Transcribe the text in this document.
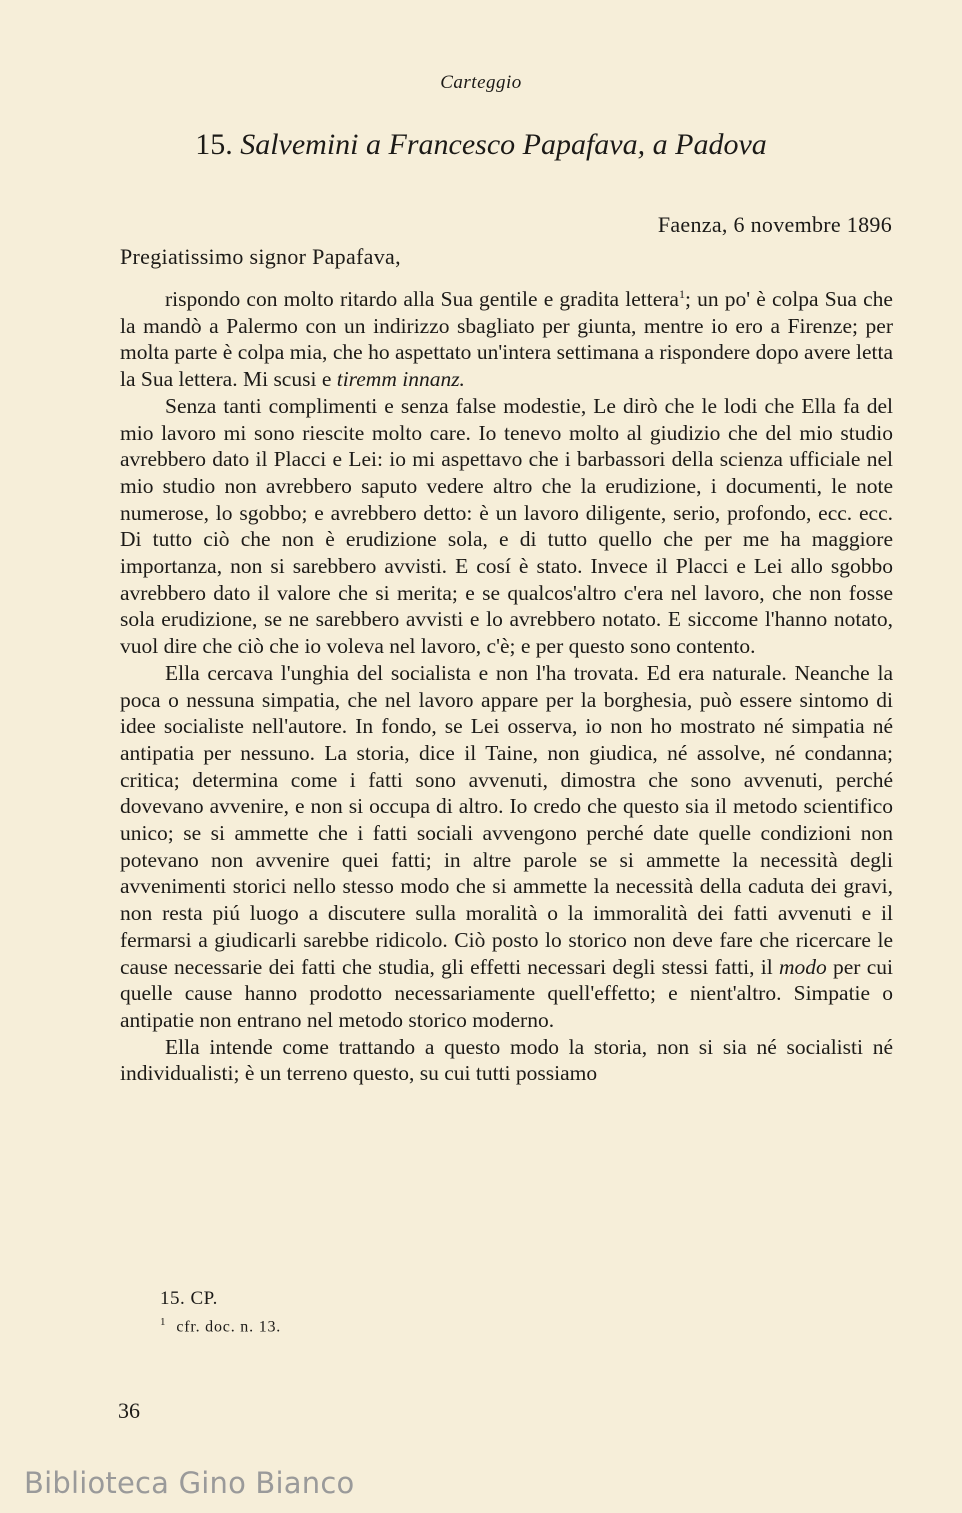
Carteggio
15. Salvemini a Francesco Papafava, a Padova
Faenza, 6 novembre 1896
Pregiatissimo signor Papafava,

rispondo con molto ritardo alla Sua gentile e gradita lettera$^1$; un po' è colpa Sua che la mandò a Palermo con un indirizzo sbagliato per giunta, mentre io ero a Firenze; per molta parte è colpa mia, che ho aspettato un'intera settimana a rispondere dopo avere letta la Sua lettera. Mi scusi e tiremm innanz.

Senza tanti complimenti e senza false modestie, Le dirò che le lodi che Ella fa del mio lavoro mi sono riescite molto care. Io tenevo molto al giudizio che del mio studio avrebbero dato il Placci e Lei: io mi aspettavo che i barbassori della scienza ufficiale nel mio studio non avrebbero saputo vedere altro che la erudizione, i documenti, le note numerose, lo sgobbo; e avrebbero detto: è un lavoro diligente, serio, profondo, ecc. ecc. Di tutto ciò che non è erudizione sola, e di tutto quello che per me ha maggiore importanza, non si sarebbero avvisti. E cosí è stato. Invece il Placci e Lei allo sgobbo avrebbero dato il valore che si merita; e se qualcos'altro c'era nel lavoro, che non fosse sola erudizione, se ne sarebbero avvisti e lo avrebbero notato. E siccome l'hanno notato, vuol dire che ciò che io voleva nel lavoro, c'è; e per questo sono contento.

Ella cercava l'unghia del socialista e non l'ha trovata. Ed era naturale. Neanche la poca o nessuna simpatia, che nel lavoro appare per la borghesia, può essere sintomo di idee socialiste nell'autore. In fondo, se Lei osserva, io non ho mostrato né simpatia né antipatia per nessuno. La storia, dice il Taine, non giudica, né assolve, né condanna; critica; determina come i fatti sono avvenuti, dimostra che sono avvenuti, perché dovevano avvenire, e non si occupa di altro. Io credo che questo sia il metodo scientifico unico; se si ammette che i fatti sociali avvengono perché date quelle condizioni non potevano non avvenire quei fatti; in altre parole se si ammette la necessità degli avvenimenti storici nello stesso modo che si ammette la necessità della caduta dei gravi, non resta piú luogo a discutere sulla moralità o la immoralità dei fatti avvenuti e il fermarsi a giudicarli sarebbe ridicolo. Ciò posto lo storico non deve fare che ricercare le cause necessarie dei fatti che studia, gli effetti necessari degli stessi fatti, il modo per cui quelle cause hanno prodotto necessariamente quell'effetto; e nient'altro. Simpatie o antipatie non entrano nel metodo storico moderno.

Ella intende come trattando a questo modo la storia, non si sia né socialisti né individualisti; è un terreno questo, su cui tutti possiamo

15. CP.
$^1$ cfr. doc. n. 13.
36
Biblioteca Gino Bianco
